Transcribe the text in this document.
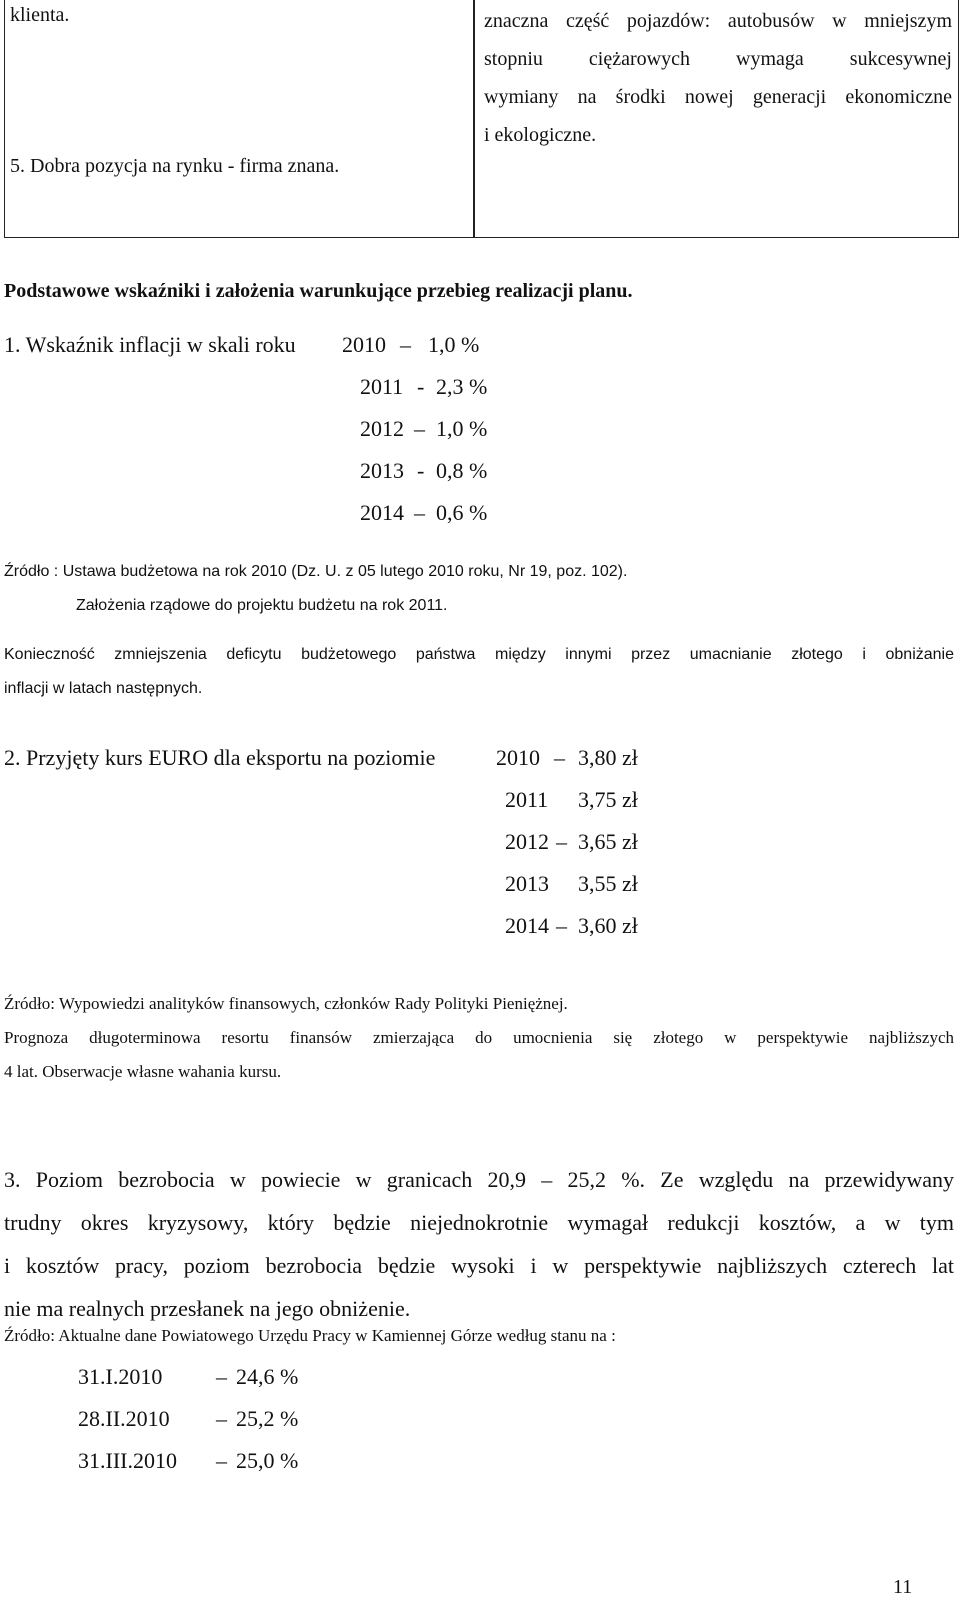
klienta.
5. Dobra pozycja na rynku - firma znana.
znaczna część pojazdów: autobusów w mniejszym
stopniu ciężarowych wymaga sukcesywnej
wymiany na środki nowej generacji ekonomiczne
i ekologiczne.
Podstawowe wskaźniki i założenia warunkujące przebieg realizacji planu.
1. Wskaźnik inflacji w skali roku 2010 – 1,0 %
2011 - 2,3 %
2012 – 1,0 %
2013 - 0,8 %
2014 – 0,6 %
Źródło : Ustawa budżetowa na rok 2010 (Dz. U. z 05 lutego 2010 roku, Nr 19, poz. 102).
Założenia rządowe do projektu budżetu na rok 2011.
Konieczność zmniejszenia deficytu budżetowego państwa między innymi przez umacnianie złotego i obniżanie
inflacji w latach następnych.
2. Przyjęty kurs EURO dla eksportu na poziomie	2010 – 3,80 zł
2011 3,75 zł
2012 – 3,65 zł
2013 3,55 zł
2014 – 3,60 zł
Źródło: Wypowiedzi analityków finansowych, członków Rady Polityki Pieniężnej.
Prognoza długoterminowa resortu finansów zmierzająca do umocnienia się złotego w perspektywie najbliższych
4 lat. Obserwacje własne wahania kursu.
3. Poziom bezrobocia w powiecie w granicach 20,9 – 25,2 %. Ze względu na przewidywany
trudny okres kryzysowy, który będzie niejednokrotnie wymagał redukcji kosztów, a w tym
i kosztów pracy, poziom bezrobocia będzie wysoki i w perspektywie najbliższych czterech lat
nie ma realnych przesłanek na jego obniżenie.
Źródło: Aktualne dane Powiatowego Urzędu Pracy w Kamiennej Górze według stanu na :
31.I.2010 – 24,6 %
28.II.2010 – 25,2 %
31.III.2010 – 25,0 %
11
